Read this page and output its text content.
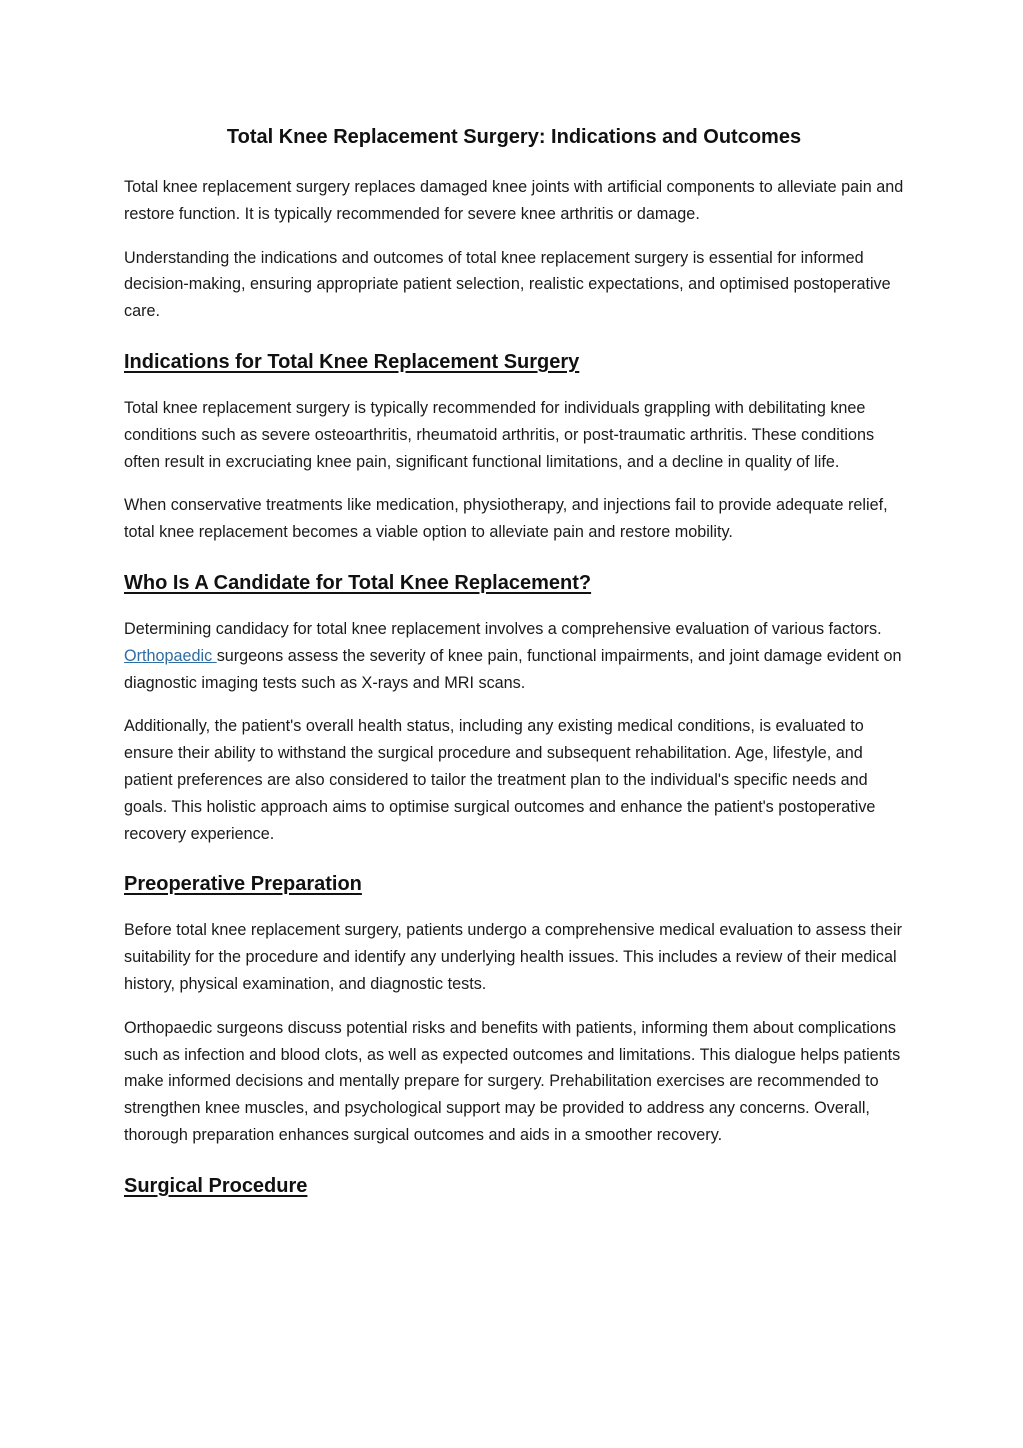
Total Knee Replacement Surgery: Indications and Outcomes

Total knee replacement surgery replaces damaged knee joints with artificial components to alleviate pain and restore function. It is typically recommended for severe knee arthritis or damage.

Understanding the indications and outcomes of total knee replacement surgery is essential for informed decision-making, ensuring appropriate patient selection, realistic expectations, and optimised postoperative care.

Indications for Total Knee Replacement Surgery

Total knee replacement surgery is typically recommended for individuals grappling with debilitating knee conditions such as severe osteoarthritis, rheumatoid arthritis, or post-traumatic arthritis. These conditions often result in excruciating knee pain, significant functional limitations, and a decline in quality of life.

When conservative treatments like medication, physiotherapy, and injections fail to provide adequate relief, total knee replacement becomes a viable option to alleviate pain and restore mobility.

Who Is A Candidate for Total Knee Replacement?

Determining candidacy for total knee replacement involves a comprehensive evaluation of various factors. Orthopaedic surgeons assess the severity of knee pain, functional impairments, and joint damage evident on diagnostic imaging tests such as X-rays and MRI scans.

Additionally, the patient's overall health status, including any existing medical conditions, is evaluated to ensure their ability to withstand the surgical procedure and subsequent rehabilitation. Age, lifestyle, and patient preferences are also considered to tailor the treatment plan to the individual's specific needs and goals. This holistic approach aims to optimise surgical outcomes and enhance the patient's postoperative recovery experience.

Preoperative Preparation

Before total knee replacement surgery, patients undergo a comprehensive medical evaluation to assess their suitability for the procedure and identify any underlying health issues. This includes a review of their medical history, physical examination, and diagnostic tests.

Orthopaedic surgeons discuss potential risks and benefits with patients, informing them about complications such as infection and blood clots, as well as expected outcomes and limitations. This dialogue helps patients make informed decisions and mentally prepare for surgery. Prehabilitation exercises are recommended to strengthen knee muscles, and psychological support may be provided to address any concerns. Overall, thorough preparation enhances surgical outcomes and aids in a smoother recovery.

Surgical Procedure
